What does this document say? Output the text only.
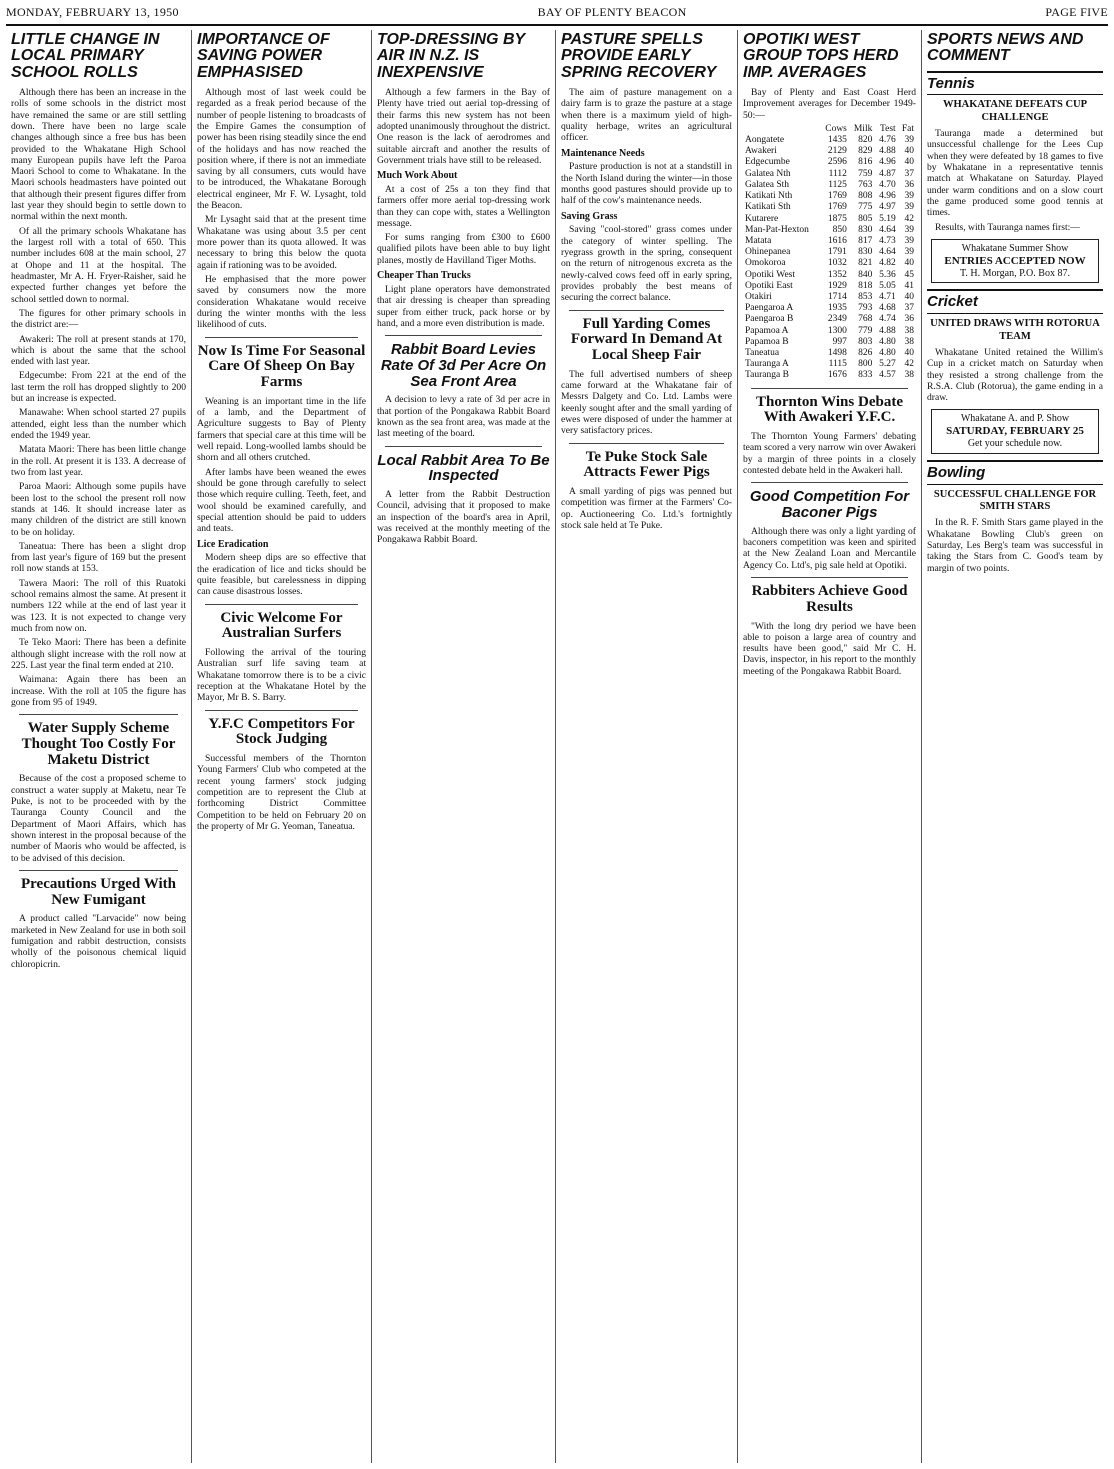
MONDAY, FEBRUARY 13, 1950	BAY OF PLENTY BEACON	PAGE FIVE
LITTLE CHANGE IN LOCAL PRIMARY SCHOOL ROLLS

Although there has been an increase in the rolls of some schools in the district most have remained the same or are still settling down. There have been no large scale changes although since a free bus has been provided to the Whakatane High School many European pupils have left the Paroa Maori School to come to Whakatane. In the Maori schools headmasters have pointed out that although their present figures differ from last year they should begin to settle down to normal within the next month.

Of all the primary schools Whakatane has the largest roll with a total of 650. This number includes 608 at the main school, 27 at Ohope and 11 at the hospital. The headmaster, Mr A. H. Fryer-Raisher, said he expected further changes yet before the school settled down to normal.

The figures for other primary schools in the district are:—

Awakeri: The roll at present stands at 170, which is about the same that the school ended with last year.

Edgecumbe: From 221 at the end of the last term the roll has dropped slightly to 200 but an increase is expected.

Manawahe: When school started 27 pupils attended, eight less than the number which ended the 1949 year.

Matata Maori: There has been little change in the roll. At present it is 133. A decrease of two from last year.

Paroa Maori: Although some pupils have been lost to the school the present roll now stands at 146. It should increase later as many children of the district are still known to be on holiday.

Taneatua: There has been a slight drop from last year's figure of 169 but the present roll now stands at 153.

Tawera Maori: The roll of this Ruatoki school remains almost the same. At present it numbers 122 while at the end of last year it was 123. It is not expected to change very much from now on.

Te Teko Maori: There has been a definite although slight increase with the roll now at 225. Last year the final term ended at 210.

Waimana: Again there has been an increase. With the roll at 105 the figure has gone from 95 of 1949.

Water Supply Scheme Thought Too Costly For Maketu District

Because of the cost a proposed scheme to construct a water supply at Maketu, near Te Puke, is not to be proceeded with by the Tauranga County Council and the Department of Maori Affairs, which has shown interest in the proposal because of the number of Maoris who would be affected, is to be advised of this decision.

Precautions Urged With New Fumigant

A product called "Larvacide" now being marketed in New Zealand for use in both soil fumigation and rabbit destruction, consists wholly of the poisonous chemical liquid chloropicrin.

IMPORTANCE OF SAVING POWER EMPHASISED

Although most of last week could be regarded as a freak period because of the number of people listening to broadcasts of the Empire Games the consumption of power has been rising steadily since the end of the holidays and has now reached the position where, if there is not an immediate saving by all consumers, cuts would have to be introduced, the Whakatane Borough electrical engineer, Mr F. W. Lysaght, told the Beacon.

Mr Lysaght said that at the present time Whakatane was using about 3.5 per cent more power than its quota allowed. It was necessary to bring this below the quota again if rationing was to be avoided.

He emphasised that the more power saved by consumers now the more consideration Whakatane would receive during the winter months with the less likelihood of cuts.

Now Is Time For Seasonal Care Of Sheep On Bay Farms

Weaning is an important time in the life of a lamb, and the Department of Agriculture suggests to Bay of Plenty farmers that special care at this time will be well repaid. Long-woolled lambs should be shorn and all others crutched.

After lambs have been weaned the ewes should be gone through carefully to select those which require culling. Teeth, feet, and wool should be examined carefully, and special attention should be paid to udders and teats.

Lice Eradication

Modern sheep dips are so effective that the eradication of lice and ticks should be quite feasible, but carelessness in dipping can cause disastrous losses.

Civic Welcome For Australian Surfers

Following the arrival of the touring Australian surf life saving team at Whakatane tomorrow there is to be a civic reception at the Whakatane Hotel by the Mayor, Mr B. S. Barry.

Y.F.C Competitors For Stock Judging

Successful members of the Thornton Young Farmers' Club who competed at the recent young farmers' stock judging competition are to represent the Club at forthcoming District Committee Competition to be held on February 20 on the property of Mr G. Yeoman, Taneatua.

TOP-DRESSING BY AIR IN N.Z. IS INEXPENSIVE

Although a few farmers in the Bay of Plenty have tried out aerial top-dressing of their farms this new system has not been adopted unanimously throughout the district. One reason is the lack of aerodromes and suitable aircraft and another the results of Government trials have still to be released.

Much Work About

At a cost of 25s a ton they find that farmers offer more aerial top-dressing work than they can cope with, states a Wellington message.

For sums ranging from £300 to £600 qualified pilots have been able to buy light planes, mostly de Havilland Tiger Moths.

Cheaper Than Trucks

Light plane operators have demonstrated that air dressing is cheaper than spreading super from either truck, pack horse or by hand, and a more even distribution is made.

Rabbit Board Levies Rate Of 3d Per Acre On Sea Front Area

A decision to levy a rate of 3d per acre in that portion of the Pongakawa Rabbit Board known as the sea front area, was made at the last meeting of the board.

Local Rabbit Area To Be Inspected

A letter from the Rabbit Destruction Council, advising that it proposed to make an inspection of the board's area in April, was received at the monthly meeting of the Pongakawa Rabbit Board.

PASTURE SPELLS PROVIDE EARLY SPRING RECOVERY

The aim of pasture management on a dairy farm is to graze the pasture at a stage when there is a maximum yield of high-quality herbage, writes an agricultural officer.

Maintenance Needs

Pasture production is not at a standstill in the North Island during the winter—in those months good pastures should provide up to half of the cow's maintenance needs.

Saving Grass

Saving "cool-stored" grass comes under the category of winter spelling. The ryegrass growth in the spring, consequent on the return of nitrogenous excreta as the newly-calved cows feed off in early spring, provides probably the best means of securing the correct balance.

Full Yarding Comes Forward In Demand At Local Sheep Fair

The full advertised numbers of sheep came forward at the Whakatane fair of Messrs Dalgety and Co. Ltd. Lambs were keenly sought after and the small yarding of ewes were disposed of under the hammer at very satisfactory prices.

Te Puke Stock Sale Attracts Fewer Pigs

A small yarding of pigs was penned but competition was firmer at the Farmers' Co-op. Auctioneering Co. Ltd.'s fortnightly stock sale held at Te Puke.

OPOTIKI WEST GROUP TOPS HERD IMP. AVERAGES

Bay of Plenty and East Coast Herd Improvement averages for December 1949-50:—

	Cows	Milk	Test	Fat
Aongatete	1435	820	4.76	39
Awakeri	2129	829	4.88	40
Edgecumbe	2596	816	4.96	40
Galatea Nth	1112	759	4.87	37
Galatea Sth	1125	763	4.70	36
Katikati Nth	1769	808	4.96	39
Katikati Sth	1769	775	4.97	39
Kutarere	1875	805	5.19	42
Man-Pat-Hexton	850	830	4.64	39
Matata	1616	817	4.73	39
Ohinepanea	1791	830	4.64	39
Omokoroa	1032	821	4.82	40
Opotiki West	1352	840	5.36	45
Opotiki East	1929	818	5.05	41
Otakiri	1714	853	4.71	40
Paengaroa A	1935	793	4.68	37
Paengaroa B	2349	768	4.74	36
Papamoa A	1300	779	4.88	38
Papamoa B	997	803	4.80	38
Taneatua	1498	826	4.80	40
Tauranga A	1115	800	5.27	42
Tauranga B	1676	833	4.57	38
Thornton Wins Debate With Awakeri Y.F.C.

The Thornton Young Farmers' debating team scored a very narrow win over Awakeri by a margin of three points in a closely contested debate held in the Awakeri hall.

Good Competition For Baconer Pigs

Although there was only a light yarding of baconers competition was keen and spirited at the New Zealand Loan and Mercantile Agency Co. Ltd's, pig sale held at Opotiki.

Rabbiters Achieve Good Results

"With the long dry period we have been able to poison a large area of country and results have been good," said Mr C. H. Davis, inspector, in his report to the monthly meeting of the Pongakawa Rabbit Board.

SPORTS NEWS AND COMMENT
Tennis
WHAKATANE DEFEATS CUP CHALLENGE

Tauranga made a determined but unsuccessful challenge for the Lees Cup when they were defeated by 18 games to five by Whakatane in a representative tennis match at Whakatane on Saturday. Played under warm conditions and on a slow court the game produced some good tennis at times.

Results, with Tauranga names first:—

Whakatane Summer Show
ENTRIES ACCEPTED NOW
T. H. Morgan, P.O. Box 87.
Cricket
UNITED DRAWS WITH ROTORUA TEAM

Whakatane United retained the Willim's Cup in a cricket match on Saturday when they resisted a strong challenge from the R.S.A. Club (Rotorua), the game ending in a draw.

Whakatane A. and P. Show
SATURDAY, FEBRUARY 25
Get your schedule now.
Bowling
SUCCESSFUL CHALLENGE FOR SMITH STARS

In the R. F. Smith Stars game played in the Whakatane Bowling Club's green on Saturday, Les Berg's team was successful in taking the Stars from C. Good's team by margin of two points.
